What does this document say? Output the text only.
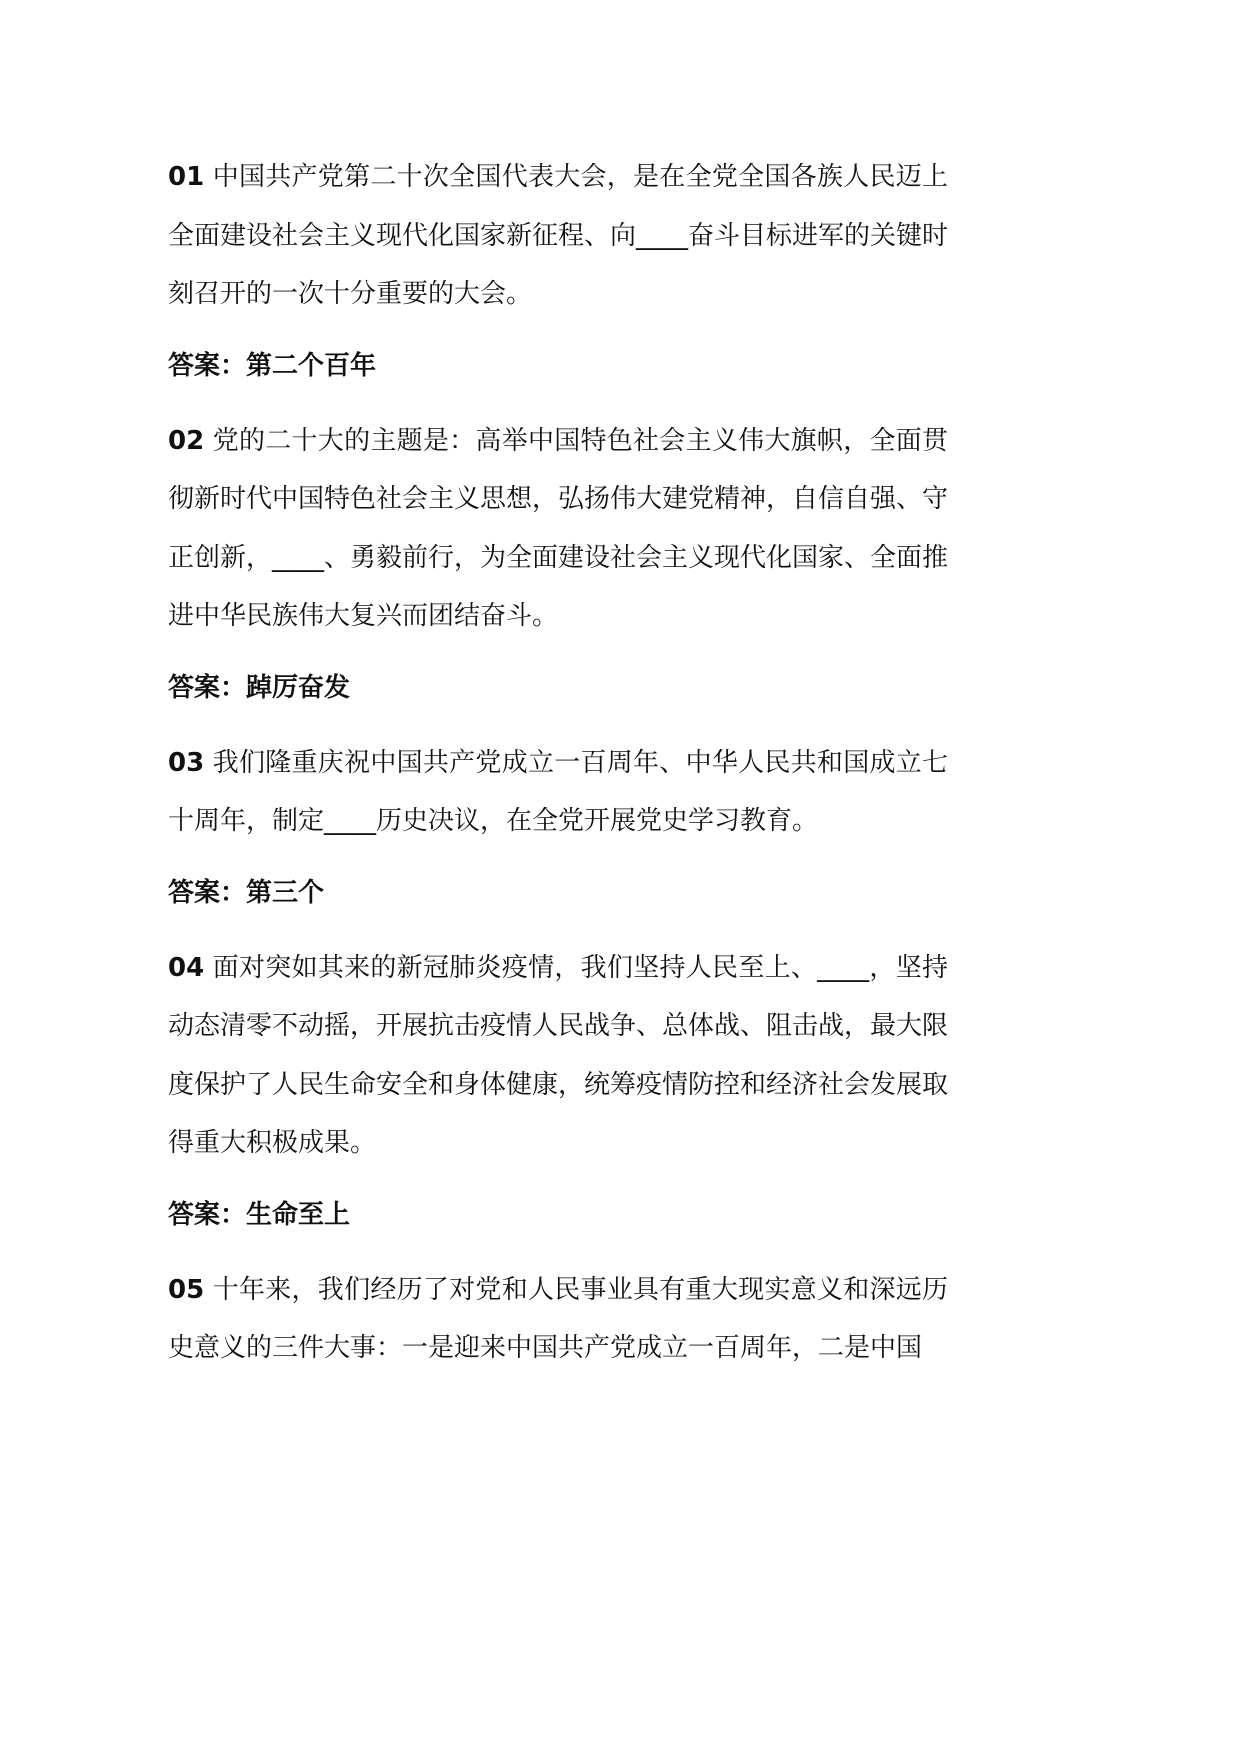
01 中国共产党第二十次全国代表大会，是在全党全国各族人民迈上全面建设社会主义现代化国家新征程、向____奋斗目标进军的关键时刻召开的一次十分重要的大会。

答案：第二个百年

02 党的二十大的主题是：高举中国特色社会主义伟大旗帜，全面贯彻新时代中国特色社会主义思想，弘扬伟大建党精神，自信自强、守正创新，____、勇毅前行，为全面建设社会主义现代化国家、全面推进中华民族伟大复兴而团结奋斗。

答案：踔厉奋发

03 我们隆重庆祝中国共产党成立一百周年、中华人民共和国成立七十周年，制定____历史决议，在全党开展党史学习教育。

答案：第三个

04 面对突如其来的新冠肺炎疫情，我们坚持人民至上、____，坚持动态清零不动摇，开展抗击疫情人民战争、总体战、阻击战，最大限度保护了人民生命安全和身体健康，统筹疫情防控和经济社会发展取得重大积极成果。

答案：生命至上

05 十年来，我们经历了对党和人民事业具有重大现实意义和深远历史意义的三件大事：一是迎来中国共产党成立一百周年，二是中国
